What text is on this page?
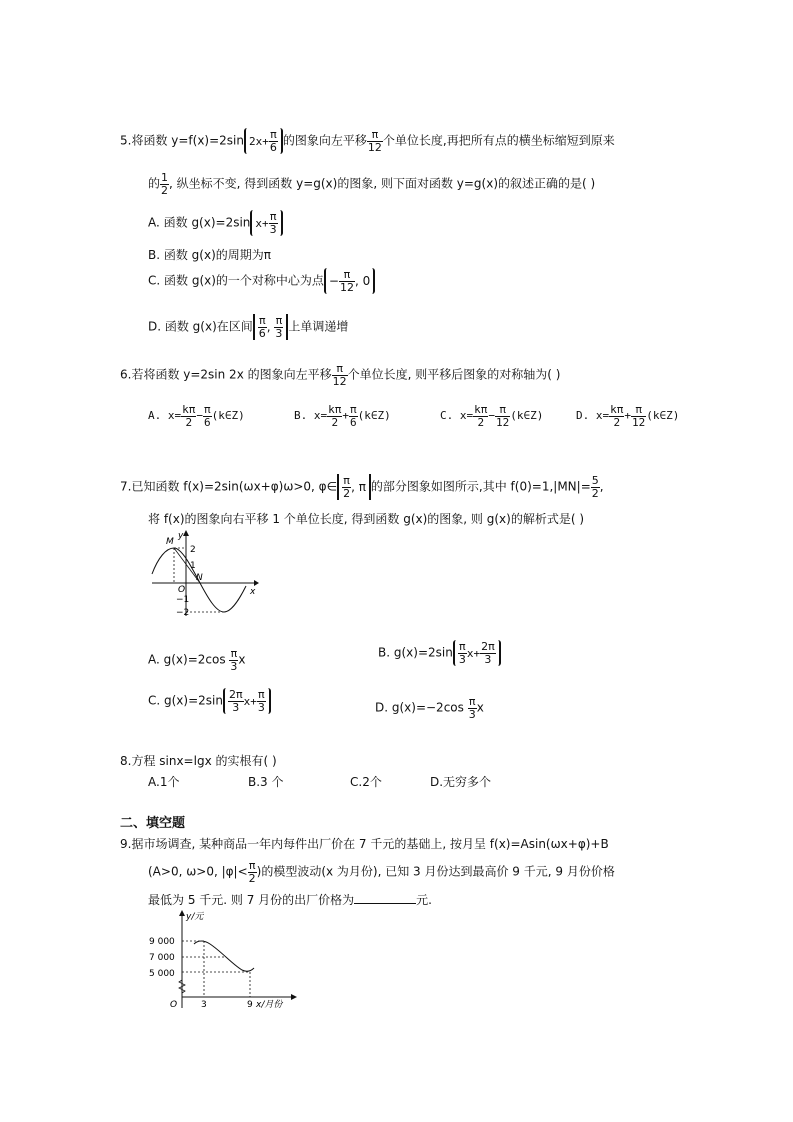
5.将函数 y=f(x)=2sin $2x+ \frac{\pi}{6}$ 的图象向左平移 $\frac{\pi}{12}$ 个单位长度,再把所有点的横坐标缩短到原来
的 $\frac{1}{2}$ , 纵坐标不变, 得到函数 y=g(x)的图象, 则下面对函数 y=g(x)的叙述正确的是( )
A. 函数 g(x)=2sin $x+ \frac{\pi}{3}$
B. 函数 g(x)的周期为π
C. 函数 g(x)的一个对称中心为点 − $\frac{\pi}{12}$ , 0
D. 函数 g(x)在区间 π
6 , π
3 上单调递增
6.若将函数 y=2sin 2x 的图象向左平移 $\frac{\pi}{12}$ 个单位长度, 则平移后图象的对称轴为( )
A. $x= \frac{k\pi}{2} - \frac{\pi}{6}$ (k∈Z)	B. $x= \frac{k\pi}{2} + \frac{\pi}{6}$ (k∈Z)	C. $x= \frac{k\pi}{2} - \frac{\pi}{12}$ (k∈Z)	D. $x= \frac{k\pi}{2} + \frac{\pi}{12}$ (k∈Z)
7.已知函数 f(x)=2sin(ωx+φ)ω>0, φ∈ $\frac{\pi}{2}$ , π 的部分图象如图所示,其中 $f(0)=1,|MN|= \frac{5}{2}$ ,
将 f(x)的图象向右平移 1 个单位长度, 得到函数 g(x)的图象, 则 g(x)的解析式是( )
y
x
M
N
O
2
1
−1
−2
A. $g(x)=2\cos \frac{\pi}{3}$ x	B. g(x)=2sin π
3 $x+ \frac{2\pi}{3}$
C. g(x)=2sin 2π
3 $x+ \frac{\pi}{3}$	D. $g(x)=-2\cos \frac{\pi}{3}$ x
8.方程 sinx=lgx 的实根有( )
A.1个	B.3 个	C.2个	D.无穷多个
二、填空题
9.据市场调查, 某种商品一年内每件出厂价在 7 千元的基础上, 按月呈 f(x)=Asin(ωx+φ)+B
(A>0, ω>0, $|\varphi|< \frac{\pi}{2}$ )的模型波动(x 为月份), 已知 3 月份达到最高价 9 千元, 9 月份价格
最低为 5 千元. 则 7 月份的出厂价格为	元.
y/元
9 000
7 000
5 000
O	3	9 x/月份
